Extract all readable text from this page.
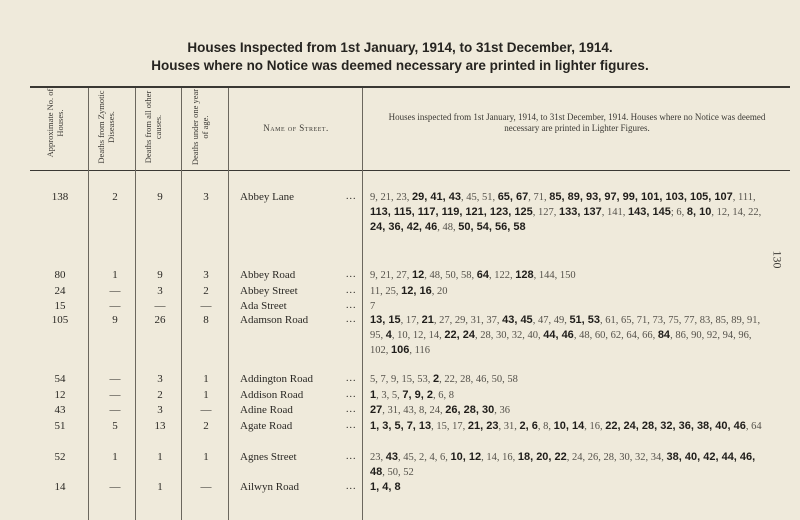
Houses Inspected from 1st January, 1914, to 31st December, 1914.
Houses where no Notice was deemed necessary are printed in lighter figures.
Approximate No. of Houses.	Deaths from Zymotic Diseases.	Deaths from all other causes.	Deaths under one year of age.	Name of Street.
Houses inspected from 1st January, 1914, to 31st December, 1914. Houses where no Notice was deemed necessary are printed in Lighter Figures.
138	2	9	3	Abbey Lane	... 9, 21, 23, 29, 41, 43, 45, 51, 65, 67, 71, 85, 89, 93, 97, 99, 101, 103, 105, 107, 111, 113, 115, 117, 119, 121, 123, 125, 127, 133, 137, 141, 143, 145; 6, 8, 10, 12, 14, 22, 24, 36, 42, 46, 48, 50, 54, 56, 58
80	1	9	3	Abbey Road	... 9, 21, 27, 12, 48, 50, 58, 64, 122, 128, 144, 150
24	—	3	2	Abbey Street	... 11, 25, 12, 16, 20
15	—	—	—	Ada Street	... 7
105	9	26	8	Adamson Road	... 13, 15, 17, 21, 27, 29, 31, 37, 43, 45, 47, 49, 51, 53, 61, 65, 71, 73, 75, 77, 83, 85, 89, 91, 95, 4, 10, 12, 14, 22, 24, 28, 30, 32, 40, 44, 46, 48, 60, 62, 64, 66, 84, 86, 90, 92, 94, 96, 102, 106, 116
54	—	3	1	Addington Road	... 5, 7, 9, 15, 53, 2, 22, 28, 46, 50, 58
12	—	2	1	Addison Road	... 1, 3, 5, 7, 9, 2, 6, 8
43	—	3	—	Adine Road	... 27, 31, 43, 8, 24, 26, 28, 30, 36
51	5	13	2	Agate Road	... 1, 3, 5, 7, 13, 15, 17, 21, 23, 31, 2, 6, 8, 10, 14, 16, 22, 24, 28, 32, 36, 38, 40, 46, 64
52	1	1	1	Agnes Street	... 23, 43, 45, 2, 4, 6, 10, 12, 14, 16, 18, 20, 22, 24, 26, 28, 30, 32, 34, 38, 40, 42, 44, 46, 48, 50, 52
14	—	1	—	Ailwyn Road	... 1, 4, 8
130
